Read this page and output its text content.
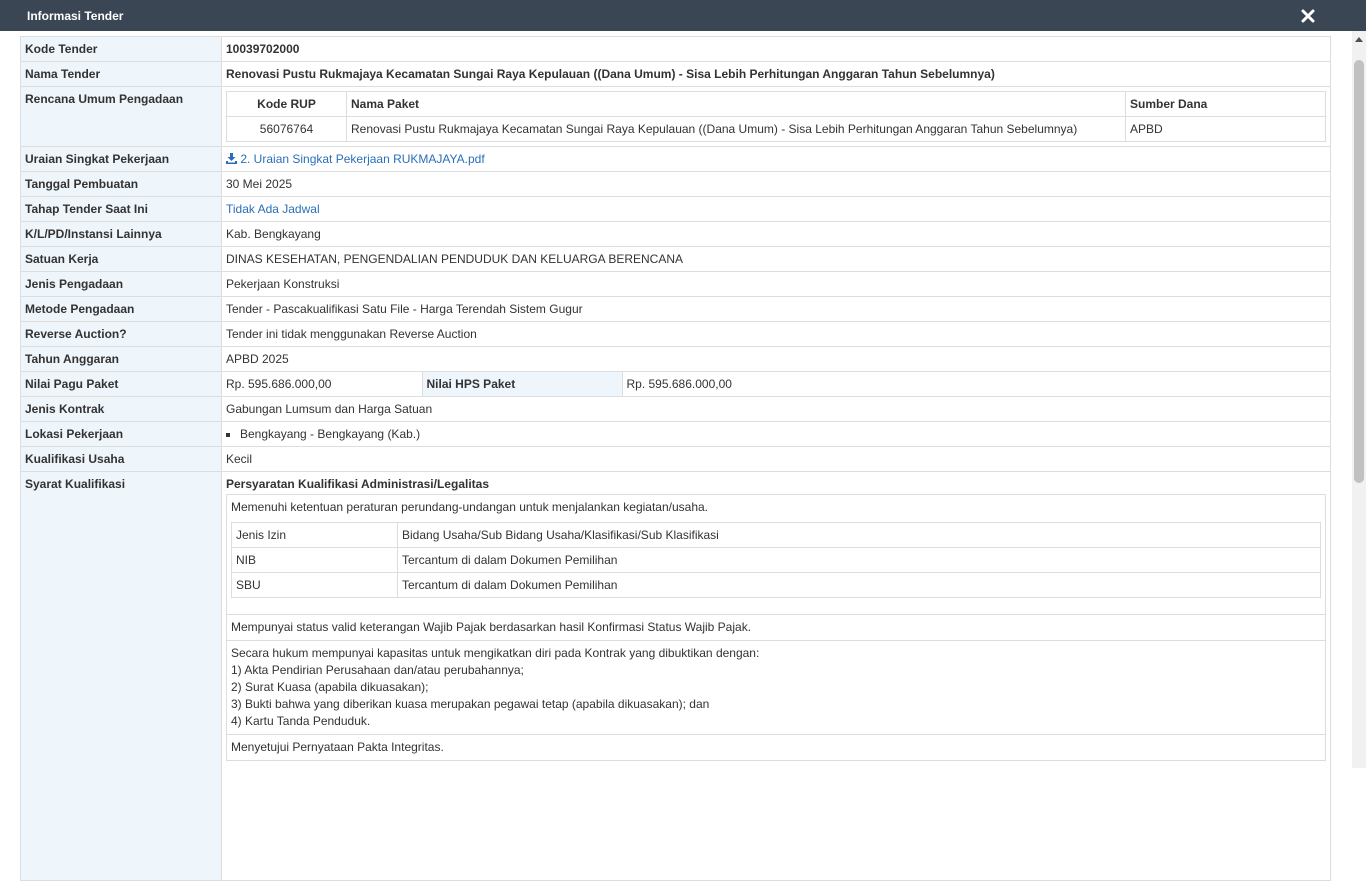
Informasi Tender
Kode Tender	10039702000
Nama Tender	Renovasi Pustu Rukmajaya Kecamatan Sungai Raya Kepulauan ((Dana Umum) - Sisa Lebih Perhitungan Anggaran Tahun Sebelumnya)
Rencana Umum Pengadaan		Kode RUP	Nama Paket	Sumber Dana
56076764	Renovasi Pustu Rukmajaya Kecamatan Sungai Raya Kepulauan ((Dana Umum) - Sisa Lebih Perhitungan Anggaran Tahun Sebelumnya)	APBD

Uraian Singkat Pekerjaan	2. Uraian Singkat Pekerjaan RUKMAJAYA.pdf
Tanggal Pembuatan	30 Mei 2025
Tahap Tender Saat Ini	Tidak Ada Jadwal
K/L/PD/Instansi Lainnya	Kab. Bengkayang
Satuan Kerja	DINAS KESEHATAN, PENGENDALIAN PENDUDUK DAN KELUARGA BERENCANA
Jenis Pengadaan	Pekerjaan Konstruksi
Metode Pengadaan	Tender - Pascakualifikasi Satu File - Harga Terendah Sistem Gugur
Reverse Auction?	Tender ini tidak menggunakan Reverse Auction
Tahun Anggaran	APBD 2025
Nilai Pagu Paket		Rp. 595.686.000,00	Nilai HPS Paket	Rp. 595.686.000,00

Jenis Kontrak	Gabungan Lumsum dan Harga Satuan
Lokasi Pekerjaan	
▪Bengkayang - Bengkayang (Kab.)

Kualifikasi Usaha	Kecil
Syarat Kualifikasi	Persyaratan Kualifikasi Administrasi/Legalitas
Memenuhi ketentuan peraturan perundang-undangan untuk menjalankan kegiatan/usaha.
Jenis Izin	Bidang Usaha/Sub Bidang Usaha/Klasifikasi/Sub Klasifikasi
NIB	Tercantum di dalam Dokumen Pemilihan
SBU	Tercantum di dalam Dokumen Pemilihan

Mempunyai status valid keterangan Wajib Pajak berdasarkan hasil Konfirmasi Status Wajib Pajak.

Secara hukum mempunyai kapasitas untuk mengikatkan diri pada Kontrak yang dibuktikan dengan:
1) Akta Pendirian Perusahaan dan/atau perubahannya;
2) Surat Kuasa (apabila dikuasakan);
3) Bukti bahwa yang diberikan kuasa merupakan pegawai tetap (apabila dikuasakan); dan
4) Kartu Tanda Penduduk.

Menyetujui Pernyataan Pakta Integritas.
